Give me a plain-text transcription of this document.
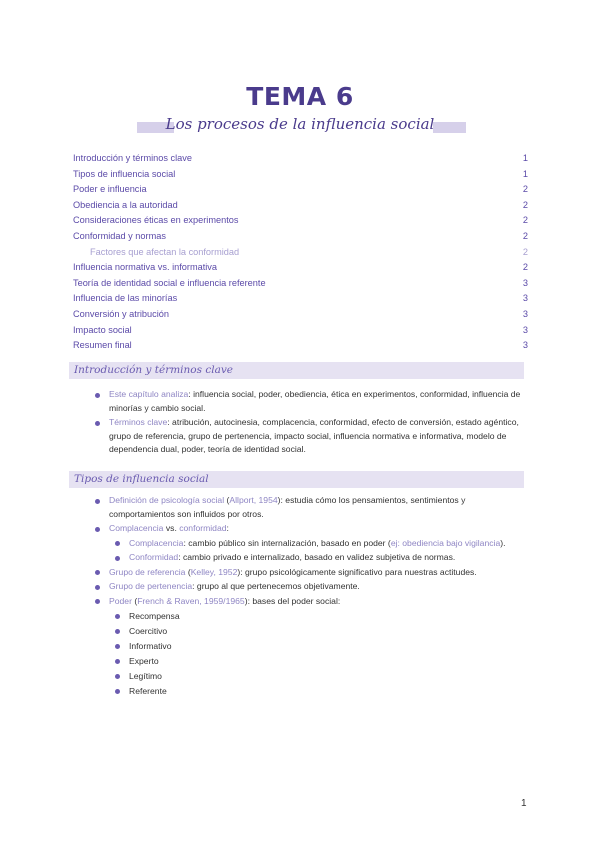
TEMA 6
Los procesos de la influencia social
Introducción y términos clave	1
Tipos de influencia social	1
Poder e influencia	2
Obediencia a la autoridad	2
Consideraciones éticas en experimentos	2
Conformidad y normas	2
Factores que afectan la conformidad	2
Influencia normativa vs. informativa	2
Teoría de identidad social e influencia referente	3
Influencia de las minorías	3
Conversión y atribución	3
Impacto social	3
Resumen final	3
Introducción y términos clave
Este capítulo analiza: influencia social, poder, obediencia, ética en experimentos, conformidad, influencia de minorías y cambio social.
Términos clave: atribución, autocinesia, complacencia, conformidad, efecto de conversión, estado agéntico, grupo de referencia, grupo de pertenencia, impacto social, influencia normativa e informativa, modelo de dependencia dual, poder, teoría de identidad social.
Tipos de influencia social
Definición de psicología social (Allport, 1954): estudia cómo los pensamientos, sentimientos y comportamientos son influidos por otros.
Complacencia vs. conformidad:
Complacencia: cambio público sin internalización, basado en poder (ej: obediencia bajo vigilancia).
Conformidad: cambio privado e internalizado, basado en validez subjetiva de normas.
Grupo de referencia (Kelley, 1952): grupo psicológicamente significativo para nuestras actitudes.
Grupo de pertenencia: grupo al que pertenecemos objetivamente.
Poder (French & Raven, 1959/1965): bases del poder social:
Recompensa
Coercitivo
Informativo
Experto
Legítimo
Referente
1
